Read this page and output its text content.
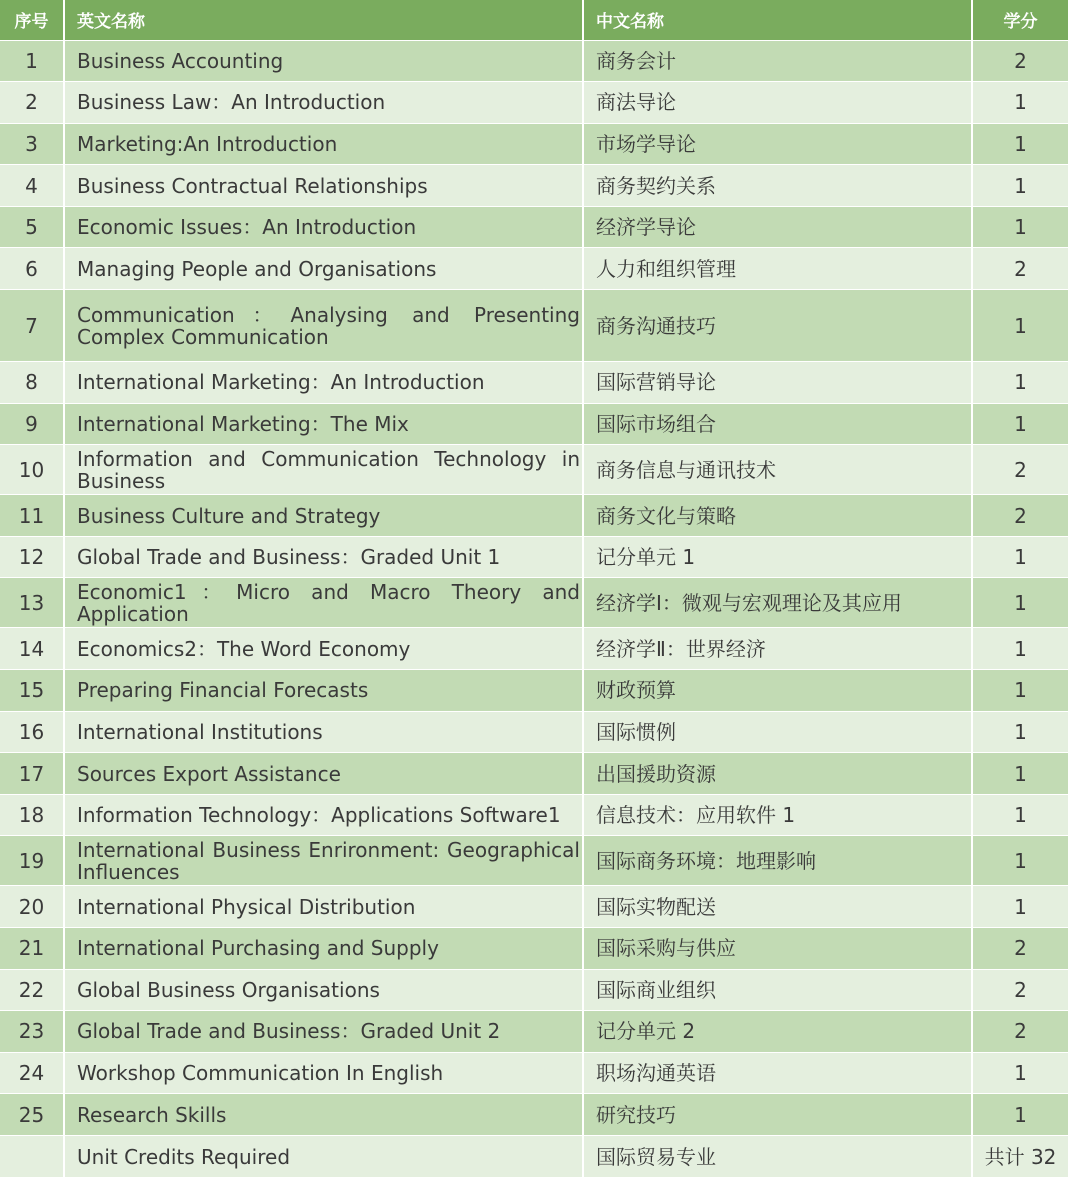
序号	英文名称	中文名称	学分
1	Business Accounting	商务会计	2
2	Business Law：An Introduction	商法导论	1
3	Marketing:An Introduction	市场学导论	1
4	Business Contractual Relationships	商务契约关系	1
5	Economic Issues：An Introduction	经济学导论	1
6	Managing People and Organisations	人力和组织管理	2
7	Communication：Analysing and Presenting Complex Communication	商务沟通技巧	1
8	International Marketing：An Introduction	国际营销导论	1
9	International Marketing：The Mix	国际市场组合	1
10	Information and Communication Technology in Business	商务信息与通讯技术	2
11	Business Culture and Strategy	商务文化与策略	2
12	Global Trade and Business：Graded Unit 1	记分单元 1	1
13	Economic1：Micro and Macro Theory and Application	经济学Ⅰ：微观与宏观理论及其应用	1
14	Economics2：The Word Economy	经济学Ⅱ：世界经济	1
15	Preparing Financial Forecasts	财政预算	1
16	International Institutions	国际惯例	1
17	Sources Export Assistance	出国援助资源	1
18	Information Technology：Applications Software1	信息技术：应用软件 1	1
19	International Business Enrironment: Geographical Influences	国际商务环境：地理影响	1
20	International Physical Distribution	国际实物配送	1
21	International Purchasing and Supply	国际采购与供应	2
22	Global Business Organisations	国际商业组织	2
23	Global Trade and Business：Graded Unit 2	记分单元 2	2
24	Workshop Communication In English	职场沟通英语	1
25	Research Skills	研究技巧	1
	Unit Credits Required	国际贸易专业	共计 32
